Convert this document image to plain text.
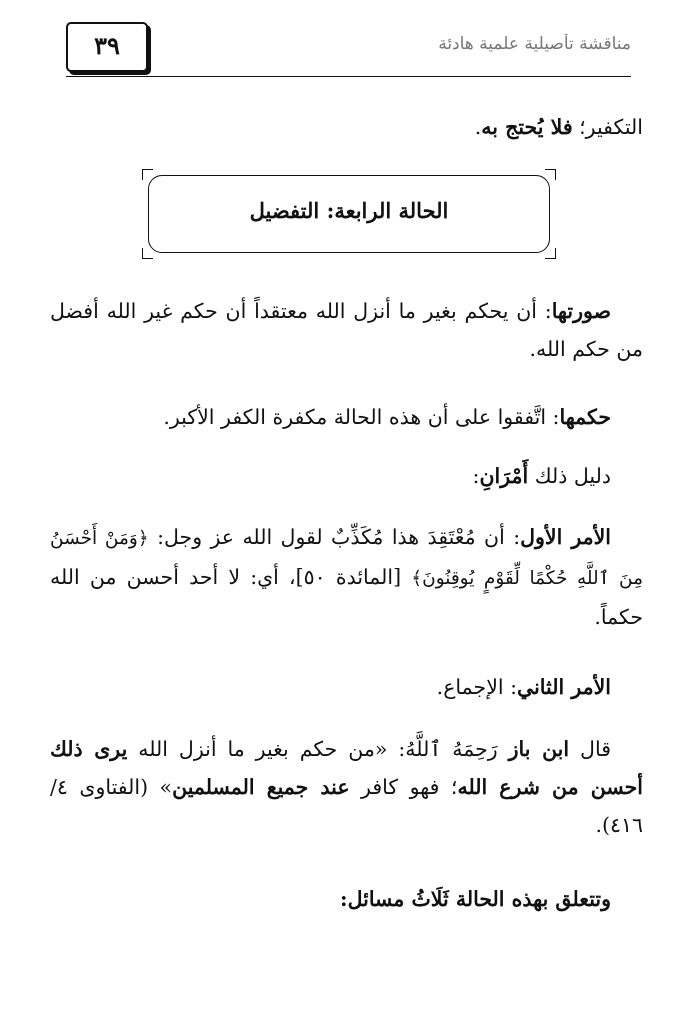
٣٩	مناقشة تأصيلية علمية هادئة
التكفير؛ فلا يُحتج به.
الحالة الرابعة: التفضيل
صورتها: أن يحكم بغير ما أنزل الله معتقداً أن حكم غير الله أفضل من حكم الله.
حكمها: اتَّفقوا على أن هذه الحالة مكفرة الكفر الأكبر.
دليل ذلك أَمْرَانِ:
الأمر الأول: أن مُعْتَقِدَ هذا مُكَذِّبٌ لقول الله عز وجل: ﴿وَمَنْ أَحْسَنُ مِنَ ٱللَّهِ حُكْمًا لِّقَوْمٍ يُوقِنُونَ﴾ [المائدة ٥٠]، أي: لا أحد أحسن من الله حكماً.
الأمر الثاني: الإجماع.
قال ابن باز رَحِمَهُ ٱللَّهُ: «من حكم بغير ما أنزل الله يرى ذلك أحسن من شرع الله؛ فهو كافر عند جميع المسلمين» (الفتاوى ٤/ ٤١٦).
وتتعلق بهذه الحالة ثَلَاثُ مسائل:
